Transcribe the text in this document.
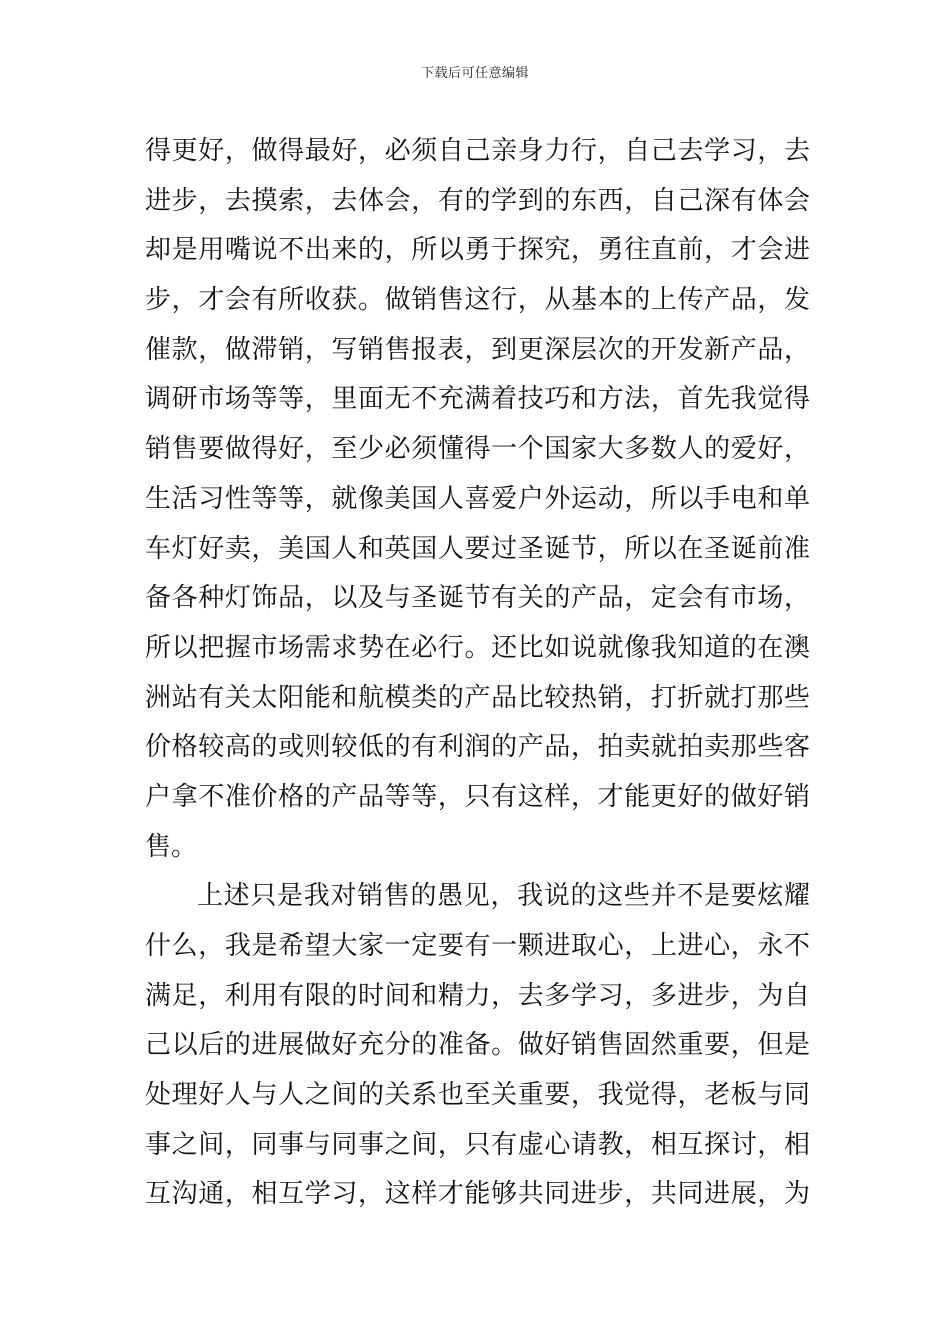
下载后可任意编辑
得更好，做得最好，必须自己亲身力行，自己去学习，去
进步，去摸索，去体会，有的学到的东西，自己深有体会
却是用嘴说不出来的，所以勇于探究，勇往直前，才会进
步，才会有所收获。做销售这行，从基本的上传产品，发
催款，做滞销，写销售报表，到更深层次的开发新产品，
调研市场等等，里面无不充满着技巧和方法，首先我觉得
销售要做得好，至少必须懂得一个国家大多数人的爱好，
生活习性等等，就像美国人喜爱户外运动，所以手电和单
车灯好卖，美国人和英国人要过圣诞节，所以在圣诞前准
备各种灯饰品，以及与圣诞节有关的产品，定会有市场，
所以把握市场需求势在必行。还比如说就像我知道的在澳
洲站有关太阳能和航模类的产品比较热销，打折就打那些
价格较高的或则较低的有利润的产品，拍卖就拍卖那些客
户拿不准价格的产品等等，只有这样，才能更好的做好销
售。
上述只是我对销售的愚见，我说的这些并不是要炫耀
什么，我是希望大家一定要有一颗进取心，上进心，永不
满足，利用有限的时间和精力，去多学习，多进步，为自
己以后的进展做好充分的准备。做好销售固然重要，但是
处理好人与人之间的关系也至关重要，我觉得，老板与同
事之间，同事与同事之间，只有虚心请教，相互探讨，相
互沟通，相互学习，这样才能够共同进步，共同进展，为
